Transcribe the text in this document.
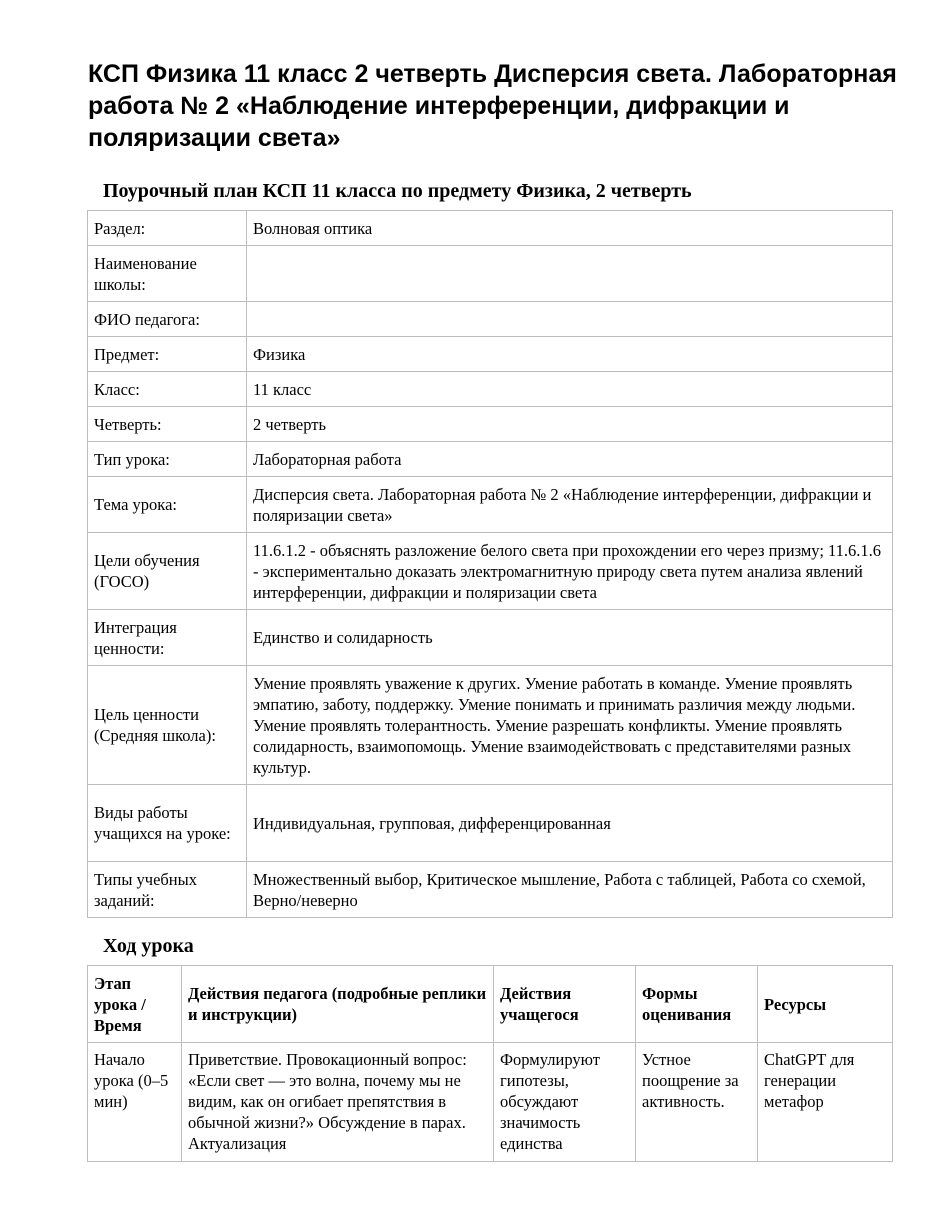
КСП Физика 11 класс 2 четверть Дисперсия света. Лабораторная работа № 2 «Наблюдение интерференции, дифракции и поляризации света»
Поурочный план КСП 11 класса по предмету Физика, 2 четверть
Раздел:	Волновая оптика
Наименование школы:	
ФИО педагога:	
Предмет:	Физика
Класс:	11 класс
Четверть:	2 четверть
Тип урока:	Лабораторная работа
Тема урока:	Дисперсия света. Лабораторная работа № 2 «Наблюдение интерференции, дифракции и поляризации света»
Цели обучения (ГОСО)	11.6.1.2 - объяснять разложение белого света при прохождении его через призму; 11.6.1.6 - экспериментально доказать электромагнитную природу света путем анализа явлений интерференции, дифракции и поляризации света
Интеграция ценности:	Единство и солидарность
Цель ценности (Средняя школа):	Умение проявлять уважение к других. Умение работать в команде. Умение проявлять эмпатию, заботу, поддержку. Умение понимать и принимать различия между людьми. Умение проявлять толерантность. Умение разрешать конфликты. Умение проявлять солидарность, взаимопомощь. Умение взаимодействовать с представителями разных культур.
Виды работы учащихся на уроке:	Индивидуальная, групповая, дифференцированная
Типы учебных заданий:	Множественный выбор, Критическое мышление, Работа с таблицей, Работа со схемой, Верно/неверно
Ход урока
Этап урока / Время	Действия педагога (подробные реплики и инструкции)	Действия учащегося	Формы оценивания	Ресурсы
Начало урока (0–5 мин)	Приветствие. Провокационный вопрос: «Если свет — это волна, почему мы не видим, как он огибает препятствия в обычной жизни?» Обсуждение в парах. Актуализация	Формулируют гипотезы, обсуждают значимость единства	Устное поощрение за активность.	ChatGPT для генерации метафор
